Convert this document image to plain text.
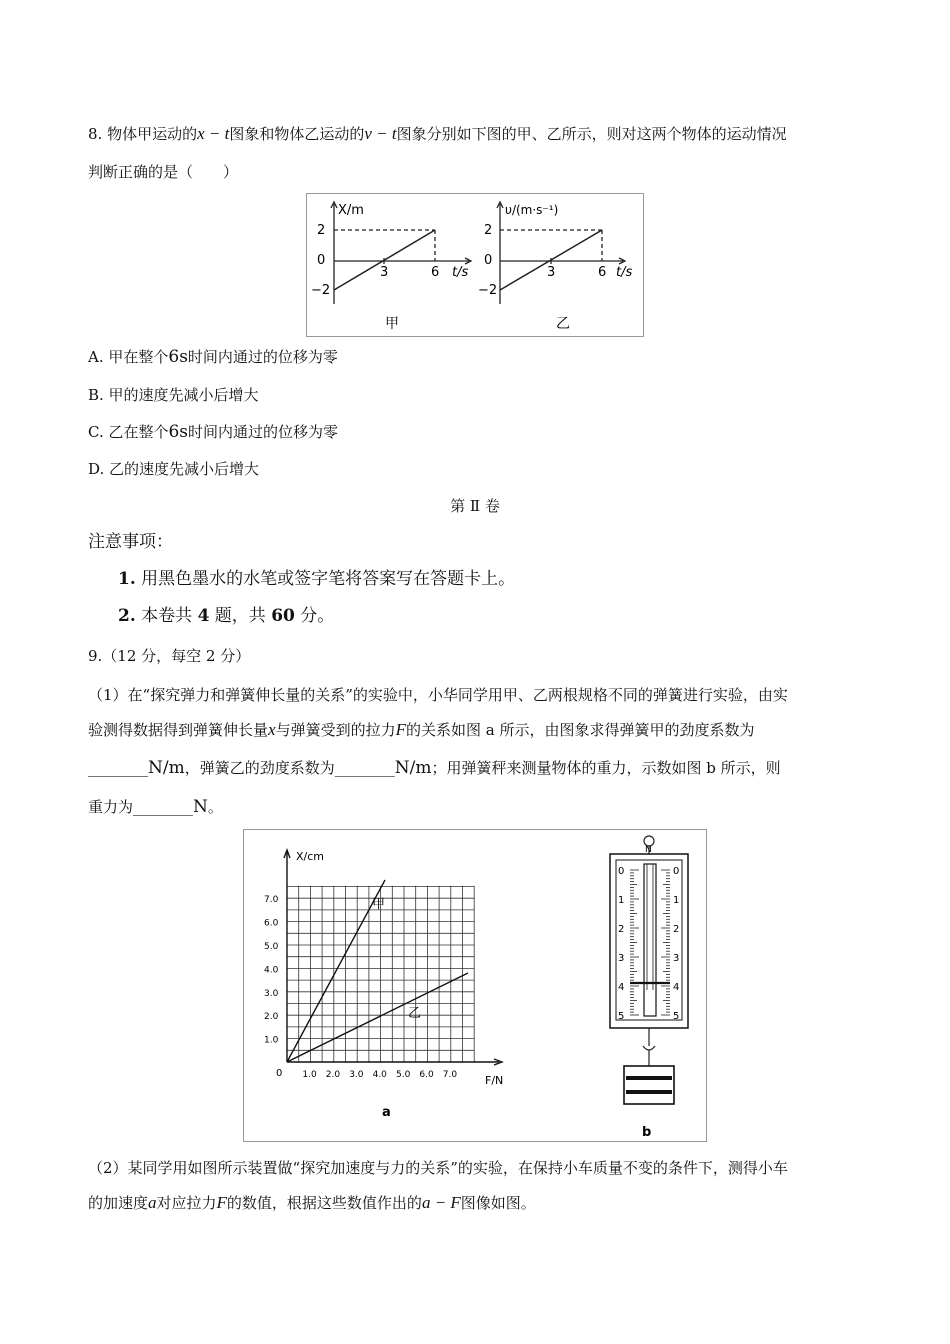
8. 物体甲运动的x − t图象和物体乙运动的v − t图象分别如下图的甲、乙所示，则对这两个物体的运动情况
判断正确的是（　　）
X/m
2
0
−2
3	6 t/s
甲
υ/(m·s⁻¹)
2
0
−2
3	6 t/s
乙
A. 甲在整个6s时间内通过的位移为零
B. 甲的速度先减小后增大
C. 乙在整个6s时间内通过的位移为零
D. 乙的速度先减小后增大
第 Ⅱ 卷
注意事项：
1. 用黑色墨水的水笔或签字笔将答案写在答题卡上。
2. 本卷共 4 题，共 60 分。
9.（12 分，每空 2 分）
（1）在“探究弹力和弹簧伸长量的关系”的实验中，小华同学用甲、乙两根规格不同的弹簧进行实验，由实
验测得数据得到弹簧伸长量x与弹簧受到的拉力F的关系如图 a 所示，由图象求得弹簧甲的劲度系数为
________N/m，弹簧乙的劲度系数为________N/m；用弹簧秤来测量物体的重力，示数如图 b 所示，则
重力为________N。
1.0
2.0
3.0
4.0
5.0
6.0
7.0
1.0 2.0 3.0 4.0 5.0 6.0 7.0
X/cm
F/N
0
甲
乙
a
N
0
1
2
3
4
5
0
1
2
3
4
5
b
（2）某同学用如图所示装置做“探究加速度与力的关系”的实验，在保持小车质量不变的条件下，测得小车
的加速度a对应拉力F的数值，根据这些数值作出的a − F图像如图。
